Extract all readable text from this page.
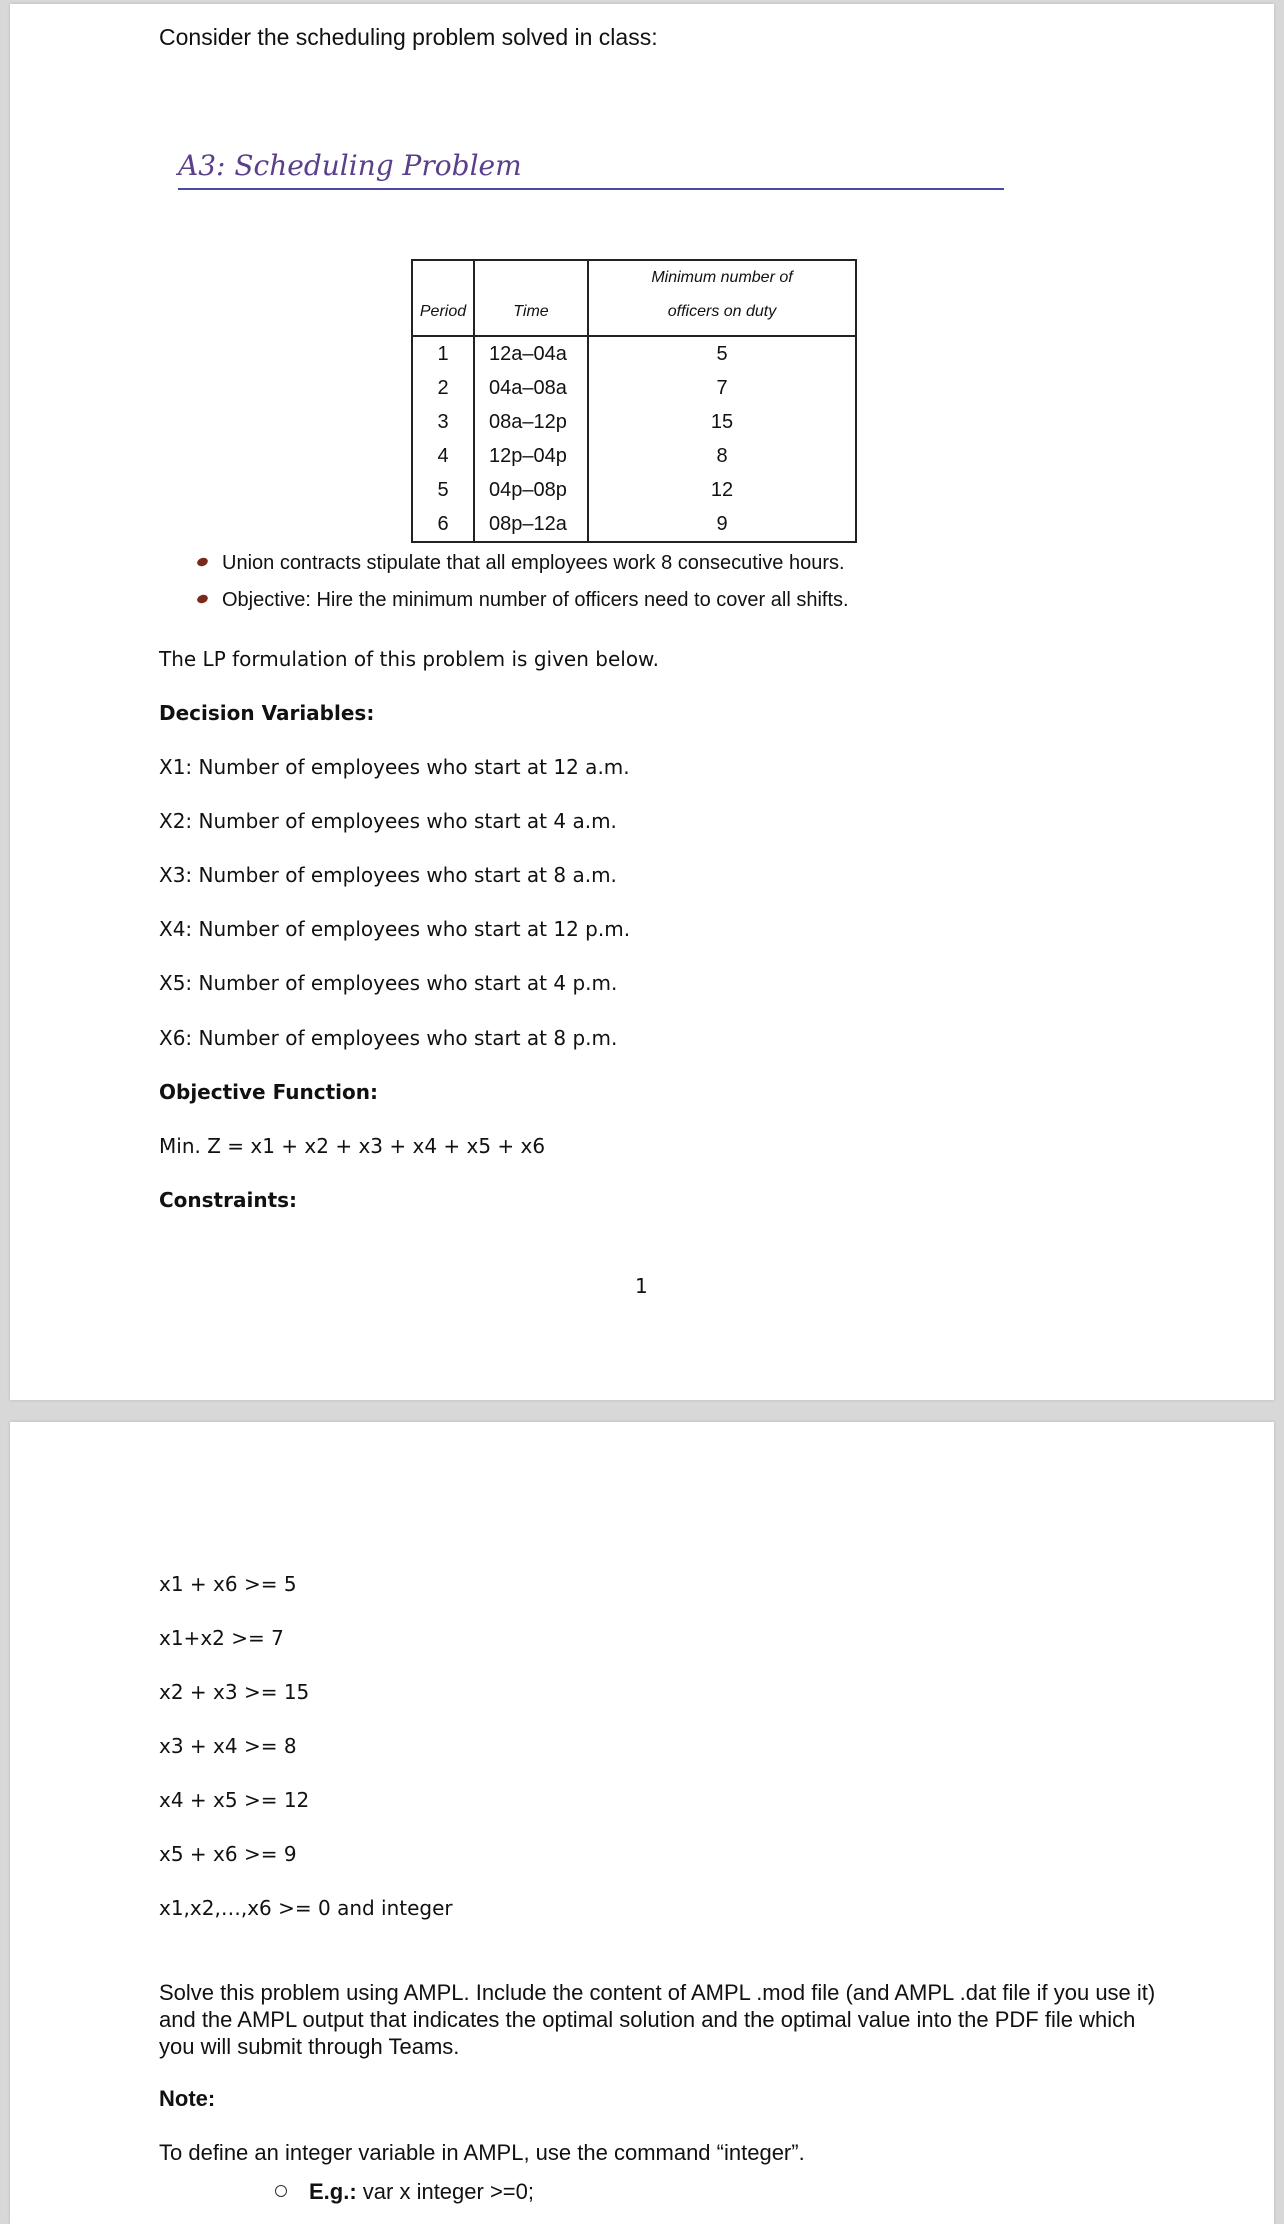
Consider the scheduling problem solved in class:
A3: Scheduling Problem
Period	Time	Minimum number of
officers on duty

1	12a–04a	5
2	04a–08a	7
3	08a–12p	15
4	12p–04p	8
5	04p–08p	12
6	08p–12a	9
Union contracts stipulate that all employees work 8 consecutive hours.
Objective: Hire the minimum number of officers need to cover all shifts.
The LP formulation of this problem is given below.
Decision Variables:
X1: Number of employees who start at 12 a.m.
X2: Number of employees who start at 4 a.m.
X3: Number of employees who start at 8 a.m.
X4: Number of employees who start at 12 p.m.
X5: Number of employees who start at 4 p.m.
X6: Number of employees who start at 8 p.m.
Objective Function:
Min. Z = x1 + x2 + x3 + x4 + x5 + x6
Constraints:
1
x1 + x6 >= 5
x1+x2 >= 7
x2 + x3 >= 15
x3 + x4 >= 8
x4 + x5 >= 12
x5 + x6 >= 9
x1,x2,…,x6 >= 0 and integer
Solve this problem using AMPL. Include the content of AMPL .mod file (and AMPL .dat file if you use it) and the AMPL output that indicates the optimal solution and the optimal value into the PDF file which you will submit through Teams.
Note:
To define an integer variable in AMPL, use the command “integer”.
E.g.: var x integer >=0;
